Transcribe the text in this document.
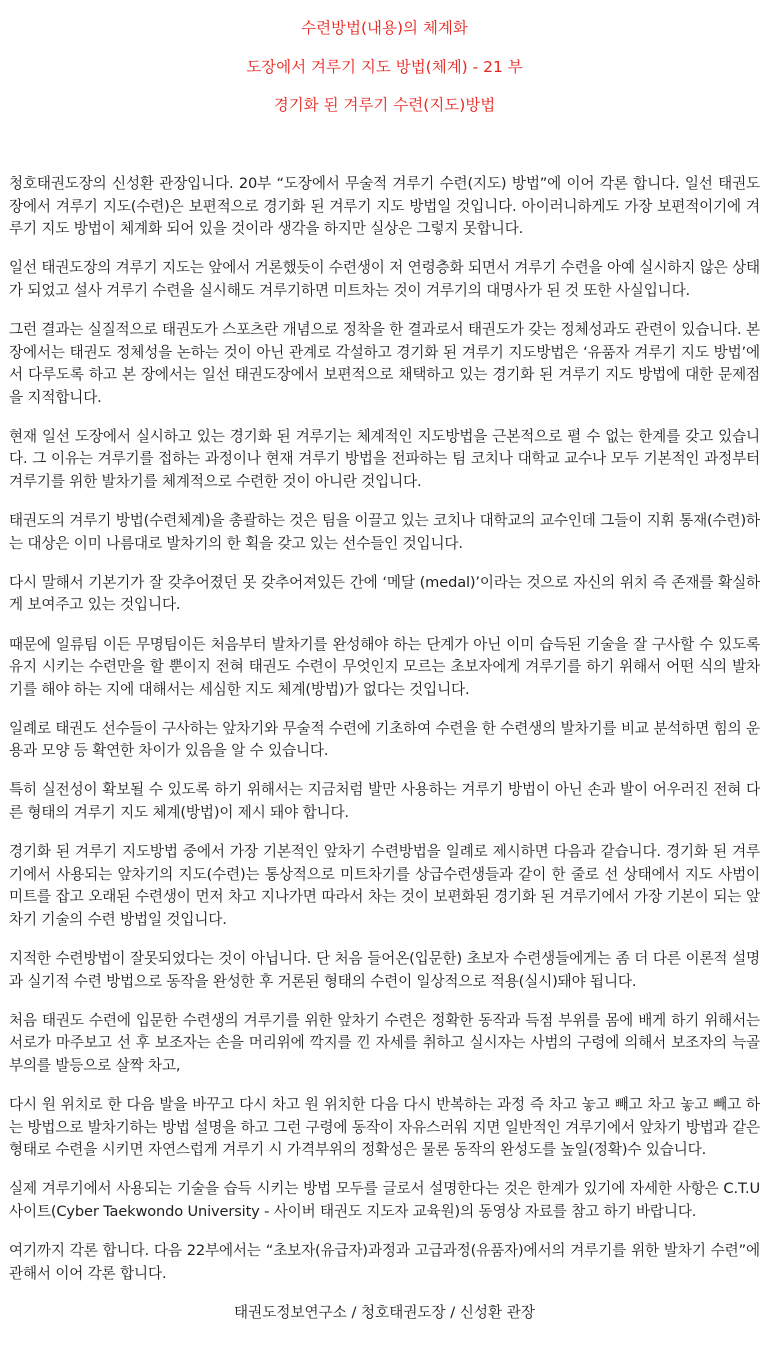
수련방법(내용)의 체계화

도장에서 겨루기 지도 방법(체계) - 21 부

경기화 된 겨루기 수련(지도)방법

청호태권도장의 신성환 관장입니다. 20부 “도장에서 무술적 겨루기 수련(지도) 방법”에 이어 각론 합니다. 일선 태권도장에서 겨루기 지도(수련)은 보편적으로 경기화 된 겨루기 지도 방법일 것입니다. 아이러니하게도 가장 보편적이기에 겨루기 지도 방법이 체계화 되어 있을 것이라 생각을 하지만 실상은 그렇지 못합니다.

일선 태권도장의 겨루기 지도는 앞에서 거론했듯이 수련생이 저 연령층화 되면서 겨루기 수련을 아예 실시하지 않은 상태가 되었고 설사 겨루기 수련을 실시해도 겨루기하면 미트차는 것이 겨루기의 대명사가 된 것 또한 사실입니다.

그런 결과는 실질적으로 태권도가 스포츠란 개념으로 정착을 한 결과로서 태권도가 갖는 정체성과도 관련이 있습니다. 본 장에서는 태권도 정체성을 논하는 것이 아닌 관계로 각설하고 경기화 된 겨루기 지도방법은 ‘유품자 겨루기 지도 방법’에서 다루도록 하고 본 장에서는 일선 태권도장에서 보편적으로 채택하고 있는 경기화 된 겨루기 지도 방법에 대한 문제점을 지적합니다.

현재 일선 도장에서 실시하고 있는 경기화 된 겨루기는 체계적인 지도방법을 근본적으로 펼 수 없는 한계를 갖고 있습니다. 그 이유는 겨루기를 접하는 과정이나 현재 겨루기 방법을 전파하는 팀 코치나 대학교 교수나 모두 기본적인 과정부터 겨루기를 위한 발차기를 체계적으로 수련한 것이 아니란 것입니다.

태권도의 겨루기 방법(수련체계)을 총괄하는 것은 팀을 이끌고 있는 코치나 대학교의 교수인데 그들이 지휘 통재(수련)하는 대상은 이미 나름대로 발차기의 한 획을 갖고 있는 선수들인 것입니다.

다시 말해서 기본기가 잘 갖추어졌던 못 갖추어져있든 간에 ‘메달 (medal)’이라는 것으로 자신의 위치 즉 존재를 확실하게 보여주고 있는 것입니다.

때문에 일류팀 이든 무명팀이든 처음부터 발차기를 완성해야 하는 단계가 아닌 이미 습득된 기술을 잘 구사할 수 있도록 유지 시키는 수련만을 할 뿐이지 전혀 태권도 수련이 무엇인지 모르는 초보자에게 겨루기를 하기 위해서 어떤 식의 발차기를 해야 하는 지에 대해서는 세심한 지도 체계(방법)가 없다는 것입니다.

일례로 태권도 선수들이 구사하는 앞차기와 무술적 수련에 기초하여 수련을 한 수련생의 발차기를 비교 분석하면 힘의 운용과 모양 등 확연한 차이가 있음을 알 수 있습니다.

특히 실전성이 확보될 수 있도록 하기 위해서는 지금처럼 발만 사용하는 겨루기 방법이 아닌 손과 발이 어우러진 전혀 다른 형태의 겨루기 지도 체계(방법)이 제시 돼야 합니다.

경기화 된 겨루기 지도방법 중에서 가장 기본적인 앞차기 수련방법을 일례로 제시하면 다음과 같습니다. 경기화 된 겨루기에서 사용되는 앞차기의 지도(수련)는 통상적으로 미트차기를 상급수련생들과 같이 한 줄로 선 상태에서 지도 사범이 미트를 잡고 오래된 수련생이 먼저 차고 지나가면 따라서 차는 것이 보편화된 경기화 된 겨루기에서 가장 기본이 되는 앞차기 기술의 수련 방법일 것입니다.

지적한 수련방법이 잘못되었다는 것이 아닙니다. 단 처음 들어온(입문한) 초보자 수련생들에게는 좀 더 다른 이론적 설명과 실기적 수련 방법으로 동작을 완성한 후 거론된 형태의 수련이 일상적으로 적용(실시)돼야 됩니다.

처음 태권도 수련에 입문한 수련생의 겨루기를 위한 앞차기 수련은 정확한 동작과 득점 부위를 몸에 배게 하기 위해서는 서로가 마주보고 선 후 보조자는 손을 머리위에 깍지를 낀 자세를 취하고 실시자는 사범의 구령에 의해서 보조자의 늑골부의를 발등으로 살짝 차고,

다시 원 위치로 한 다음 발을 바꾸고 다시 차고 원 위치한 다음 다시 반복하는 과정 즉 차고 놓고 빼고 차고 놓고 빼고 하는 방법으로 발차기하는 방법 설명을 하고 그런 구령에 동작이 자유스러워 지면 일반적인 겨루기에서 앞차기 방법과 같은 형태로 수련을 시키면 자연스럽게 겨루기 시 가격부위의 정확성은 물론 동작의 완성도를 높일(정확)수 있습니다.

실제 겨루기에서 사용되는 기술을 습득 시키는 방법 모두를 글로서 설명한다는 것은 한계가 있기에 자세한 사항은 C.T.U 사이트(Cyber Taekwondo University - 사이버 태권도 지도자 교육원)의 동영상 자료를 참고 하기 바랍니다.

여기까지 각론 합니다. 다음 22부에서는 “초보자(유급자)과정과 고급과정(유품자)에서의 겨루기를 위한 발차기 수련”에 관해서 이어 각론 합니다.

태권도정보연구소 / 청호태권도장 / 신성환 관장
